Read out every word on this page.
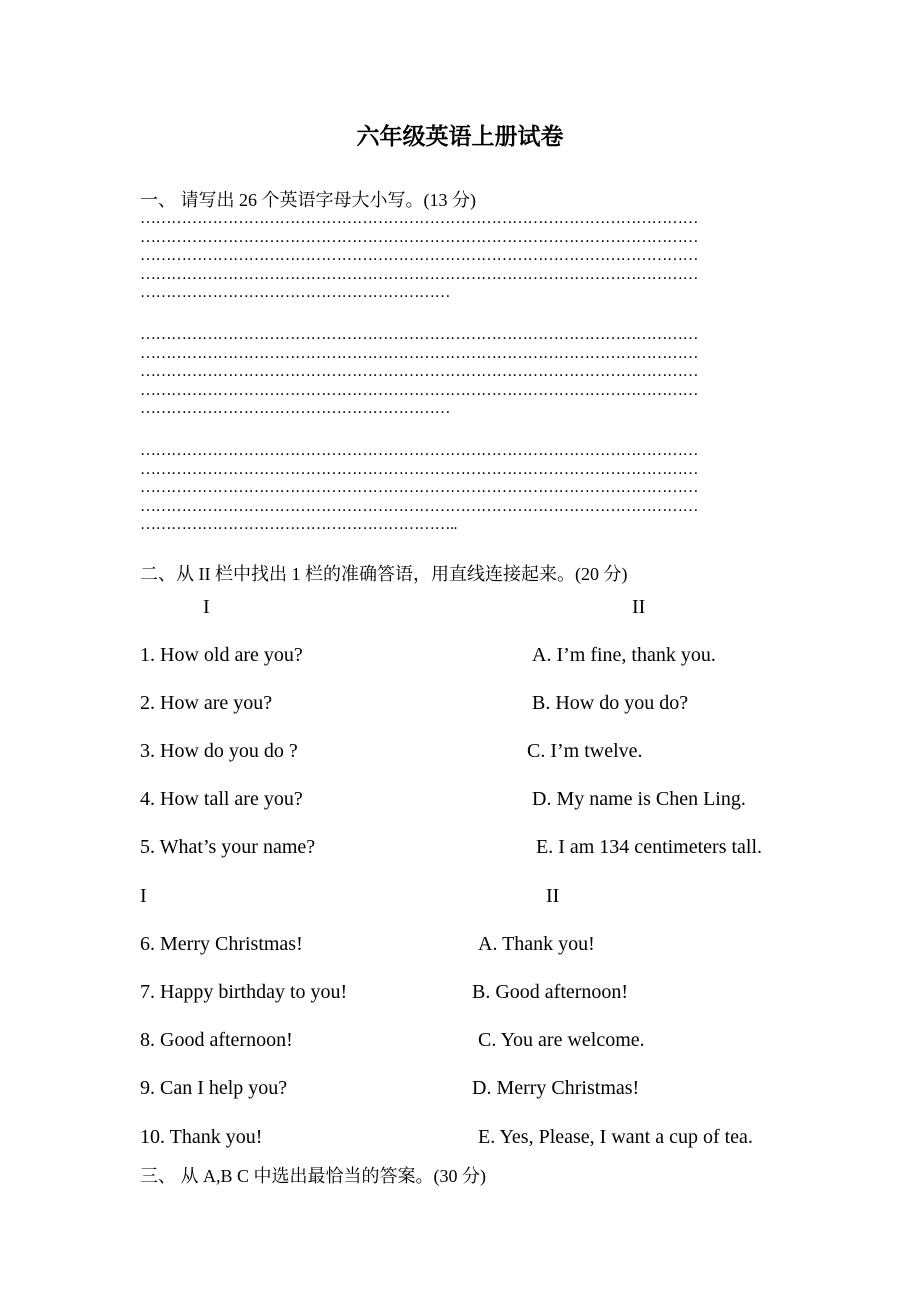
六年级英语上册试卷
一、 请写出 26 个英语字母大小写。(13 分)
………………………………………………………………………………………………
………………………………………………………………………………………………
………………………………………………………………………………………………
………………………………………………………………………………………………
……………………………………………………
………………………………………………………………………………………………
………………………………………………………………………………………………
………………………………………………………………………………………………
………………………………………………………………………………………………
……………………………………………………
………………………………………………………………………………………………
………………………………………………………………………………………………
………………………………………………………………………………………………
………………………………………………………………………………………………
……………………………………………………..
二、从 II 栏中找出 1 栏的准确答语，用直线连接起来。(20 分)
I	II
1. How old are you?	A. I’m fine, thank you.
2. How are you?	B. How do you do?
3. How do you do ?	C. I’m twelve.
4. How tall are you?	D. My name is Chen Ling.
5. What’s your name?	E. I am 134 centimeters tall.
I	II
6. Merry Christmas!	A. Thank you!
7. Happy birthday to you!	B. Good afternoon!
8. Good afternoon!	C. You are welcome.
9. Can I help you?	D. Merry Christmas!
10. Thank you!	E. Yes, Please, I want a cup of tea.
三、 从 A,B C 中选出最恰当的答案。(30 分)
